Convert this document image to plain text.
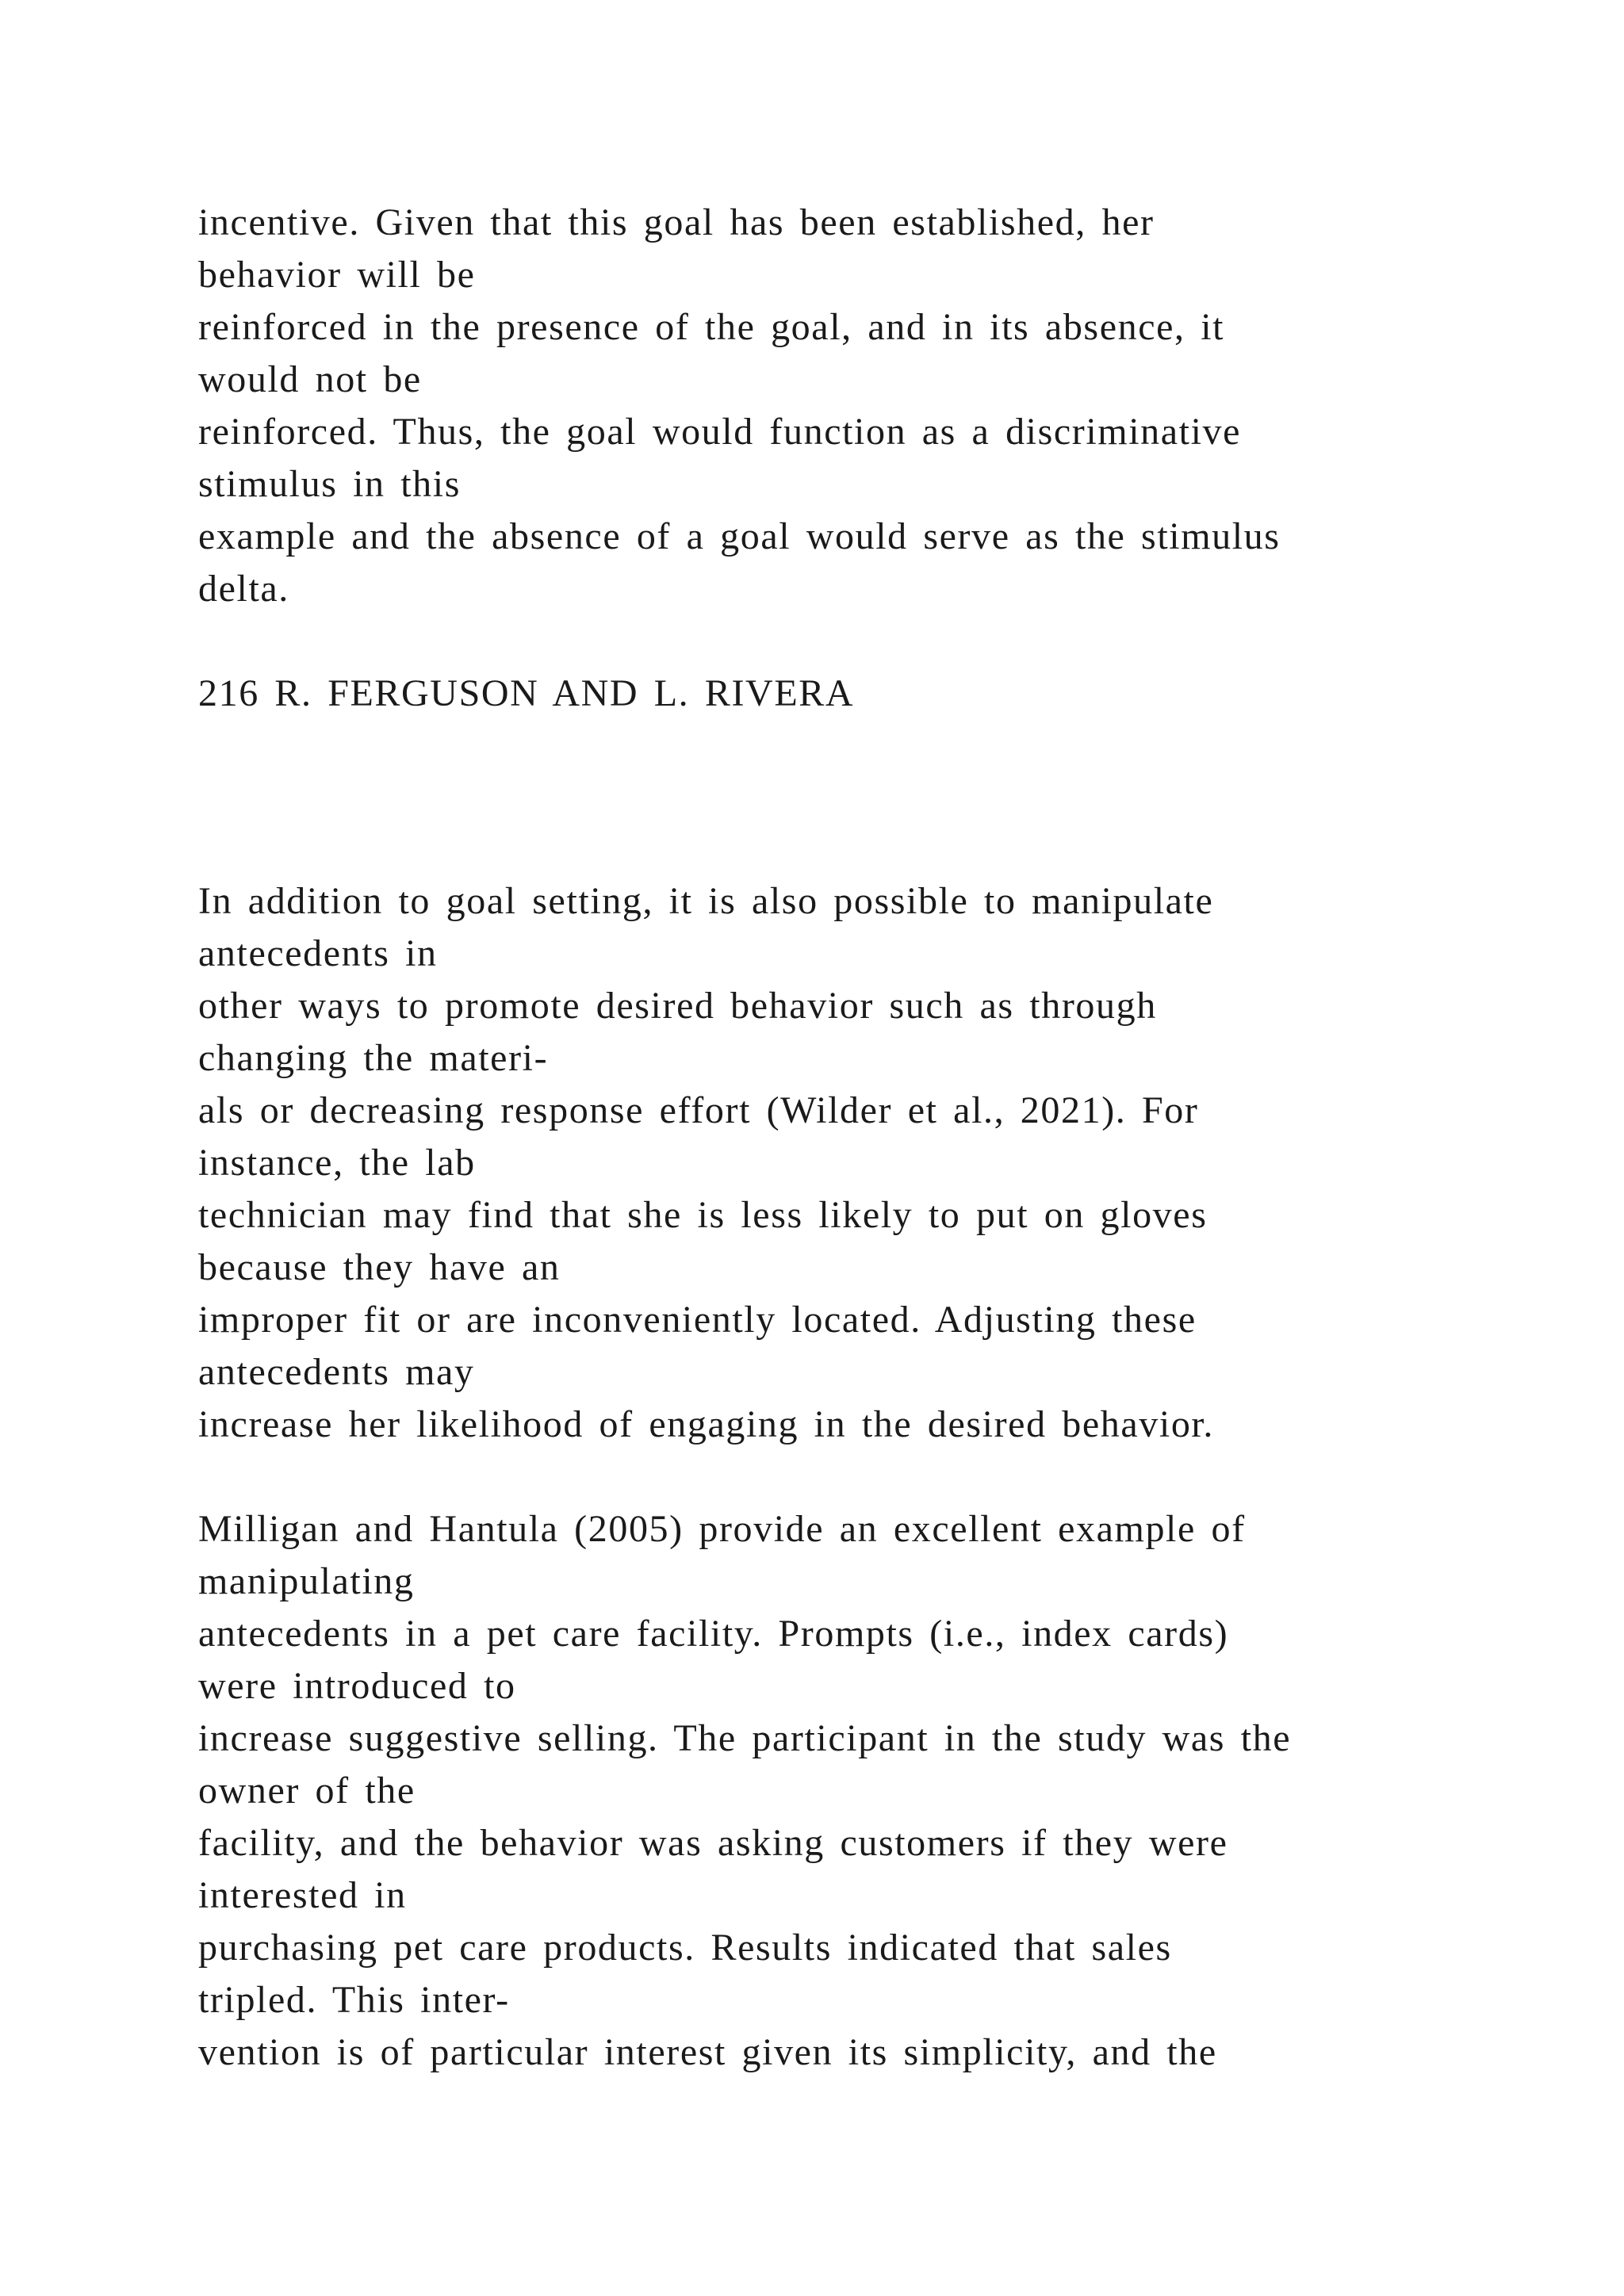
incentive. Given that this goal has been established, her

behavior will be

reinforced in the presence of the goal, and in its absence, it

would not be

reinforced. Thus, the goal would function as a discriminative

stimulus in this

example and the absence of a goal would serve as the stimulus

delta.

216 R. FERGUSON AND L. RIVERA

In addition to goal setting, it is also possible to manipulate

antecedents in

other ways to promote desired behavior such as through

changing the materi-

als or decreasing response effort (Wilder et al., 2021). For

instance, the lab

technician may find that she is less likely to put on gloves

because they have an

improper fit or are inconveniently located. Adjusting these

antecedents may

increase her likelihood of engaging in the desired behavior.

Milligan and Hantula (2005) provide an excellent example of

manipulating

antecedents in a pet care facility. Prompts (i.e., index cards)

were introduced to

increase suggestive selling. The participant in the study was the

owner of the

facility, and the behavior was asking customers if they were

interested in

purchasing pet care products. Results indicated that sales

tripled. This inter-

vention is of particular interest given its simplicity, and the
